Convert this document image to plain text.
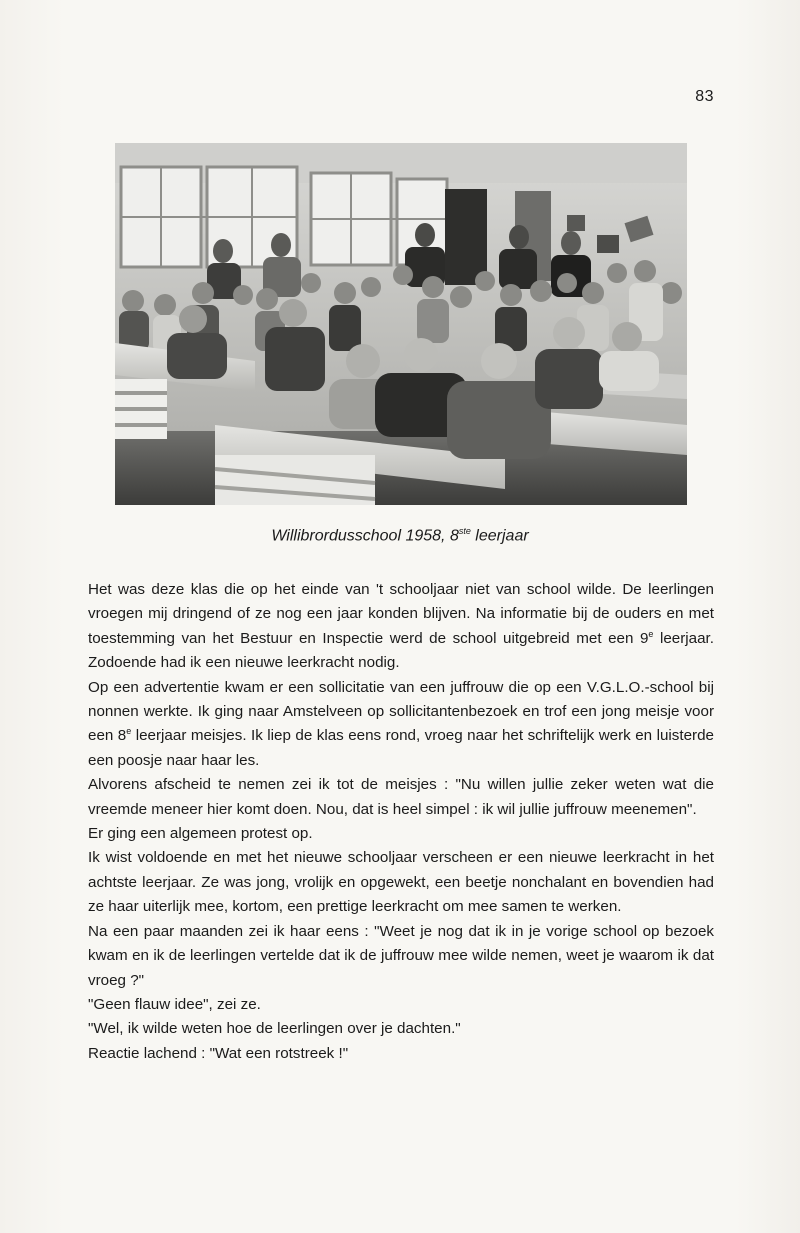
83
Willibrordusschool 1958, 8ste leerjaar

Het was deze klas die op het einde van 't schooljaar niet van school wilde. De leerlingen vroegen mij dringend of ze nog een jaar konden blijven. Na informatie bij de ouders en met toestemming van het Bestuur en Inspectie werd de school uitgebreid met een 9e leerjaar. Zodoende had ik een nieuwe leerkracht nodig.

Op een advertentie kwam er een sollicitatie van een juffrouw die op een V.G.L.O.-school bij nonnen werkte. Ik ging naar Amstelveen op sollicitantenbezoek en trof een jong meisje voor een 8e leerjaar meisjes. Ik liep de klas eens rond, vroeg naar het schriftelijk werk en luisterde een poosje naar haar les.

Alvorens afscheid te nemen zei ik tot de meisjes : "Nu willen jullie zeker weten wat die vreemde meneer hier komt doen. Nou, dat is heel simpel : ik wil jullie juffrouw meenemen".

Er ging een algemeen protest op.

Ik wist voldoende en met het nieuwe schooljaar verscheen er een nieuwe leerkracht in het achtste leerjaar. Ze was jong, vrolijk en opgewekt, een beetje nonchalant en bovendien had ze haar uiterlijk mee, kortom, een prettige leerkracht om mee samen te werken.

Na een paar maanden zei ik haar eens : "Weet je nog dat ik in je vorige school op bezoek kwam en ik de leerlingen vertelde dat ik de juffrouw mee wilde nemen, weet je waarom ik dat vroeg ?"

"Geen flauw idee", zei ze.

"Wel, ik wilde weten hoe de leerlingen over je dachten."

Reactie lachend : "Wat een rotstreek !"
